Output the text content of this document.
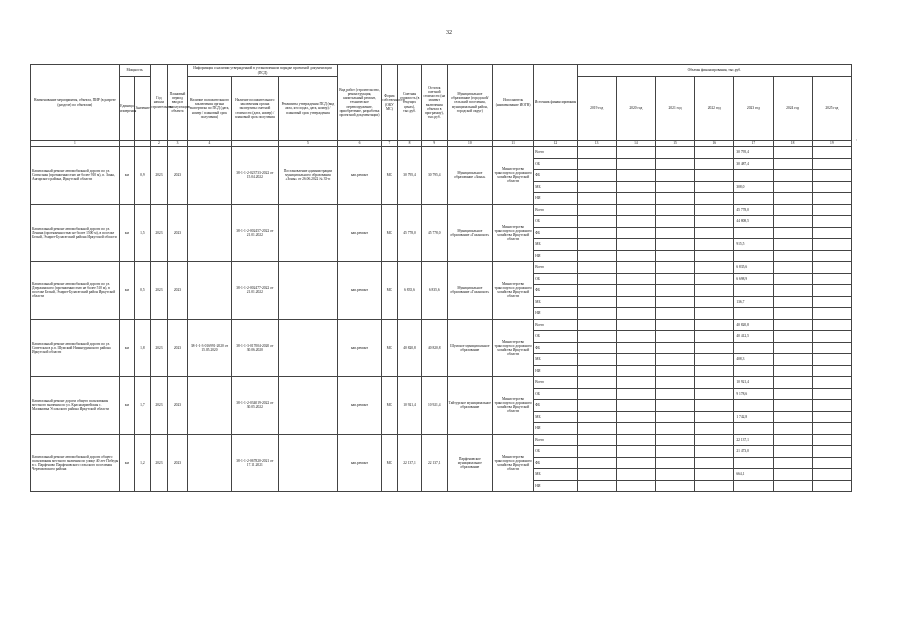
32
Наименование мероприятия, объекта, ПИР (в разрезе (разделе) по объектам)	Мощность		Год начала строительства	Плановый период ввода в эксплуатацию объекта	Информация о наличии утвержденной в установленном порядке проектной документации (ПСД)			Вид работ (строительство, реконструкция, капитальный ремонт, техническое перевооружение, приобретение, разработка проектной документации)	Форма собственности (ОКУ МС)	Сметная стоимость (в текущих ценах), тыс.руб.	Остаток сметной стоимости (на момент включения объекта в программу), тыс.руб.	Муниципальное образование (городской/сельский поселения, муниципальный район, городской округ)	Исполнитель (наименование ИОГВ)	Источник финансирования	Объемы финансирования, тыс.руб.						
	Единица измерения	Значение			Наличие положительного заключения органа экспертизы по ПСД (дата, номер / плановый срок получения)	Наличие положительного заключения органа экспертизы сметной стоимости (дата, номер) / плановый срок получения	Реквизиты утверждения ПСД (вид акта, кто издал, дата, номер) / плановый срок утверждения								2019 год	2020 год	2021 год	2022 год	2023 год	2024 год	2025 год
1			2	3	4		5	6	7	8	9	10	11	12	13	14	15	16	17	18	19
Капитальный ремонт автомобильной дороги по ул. Совхозная (протяженностью не более 910 м), п. Зоны, Ангарского района, Иркутской области	км	0,9	2023	2023		38-1-1-2-023733-2022 от 15.04.2022	Постановление администрации муниципального образования «Зоны» от 26.06.2022 № 35-п	кап.ремонт	МС	30 795,4	30 795,4	Муниципальное образование «Зоны»	Министерство транспорта и дорожного хозяйства Иркутской области	Всего					30 795,4		
														ОБ					30 487,4		
														ФБ							
														МБ					308,0		
														НИ							
Капитальный ремонт автомобильной дороги по ул. Ленина (протяженностью не более 1500 м), в поселке Белый, Эхирит-Булагатский района Иркутской области	км	1,5	2023	2023		38-1-1-2-002457-2022 от 21.01.2022		кап.ремонт	МС	45 778,0	45 778,0	Муниципальное образование «Гаханское»	Министерство транспорта и дорожного хозяйства Иркутской области	Всего					45 778,0		
														ОБ					44 808,5		
														ФБ							
														МБ					915,5		
														НИ							
Капитальный ремонт автомобильной дороги по ул. Дзержинского (протяженностью не более 510 м), в поселке Белый, Эхирит-Булагатский район Иркутской области	км	0,5	2023	2023		38-1-1-2-002477-2022 от 21.01.2022		кап.ремонт	МС	6 835,6	6 835,6	Муниципальное образование «Гаханское»	Министерство транспорта и дорожного хозяйства Иркутской области	Всего					6 835,6		
														ОБ					6 698,9		
														ФБ							
														МБ					136,7		
														НИ							
Капитальный ремонт автомобильной дороги по ул. Советская в р.п. Шумский Нижнеудинского района Иркутской области	км	1,8	2023	2023	38-1-1-3-016991-2020 от 15.05.2020	38-1-1-3-017004-2020 от 30.06.2020		кап.ремонт	МС	40 820,8	40 820,8	Шумское муниципальное образование	Министерство транспорта и дорожного хозяйства Иркутской области	Всего					40 820,8		
														ОБ					40 412,5		
														ФБ							
														МБ					408,3		
														НИ							
Капитальный ремонт дороги общего пользования местного значения по ул. Красноармейская с. Малиновка Усольского района Иркутской области	км	1,7	2023	2023		38-1-1-2-034019-2022 от 30.05.2022		кап.ремонт	МС	10 921,4	10 921,4	Тайтурское муниципальное образование	Министерство транспорта и дорожного хозяйства Иркутской области	Всего					10 921,4		
														ОБ					9 178,6		
														ФБ							
														МБ					1 742,8		
														НИ							
Капитальный ремонт автомобильной дороги общего пользования местного значения по улице 40 лет Победы в с. Парфеново Парфеновского сельского поселения Черемховского района	км	1,2	2023	2023		38-1-1-2-067820-2021 от 17.11.2021		кап.ремонт	МС	22 137,1	22 137,1	Парфеновское муниципальное образование	Министерство транспорта и дорожного хозяйства Иркутской области	Всего					22 137,1		
														ОБ					21 473,0		
														ФБ							
														МБ					664,1		
														НИ							
'
